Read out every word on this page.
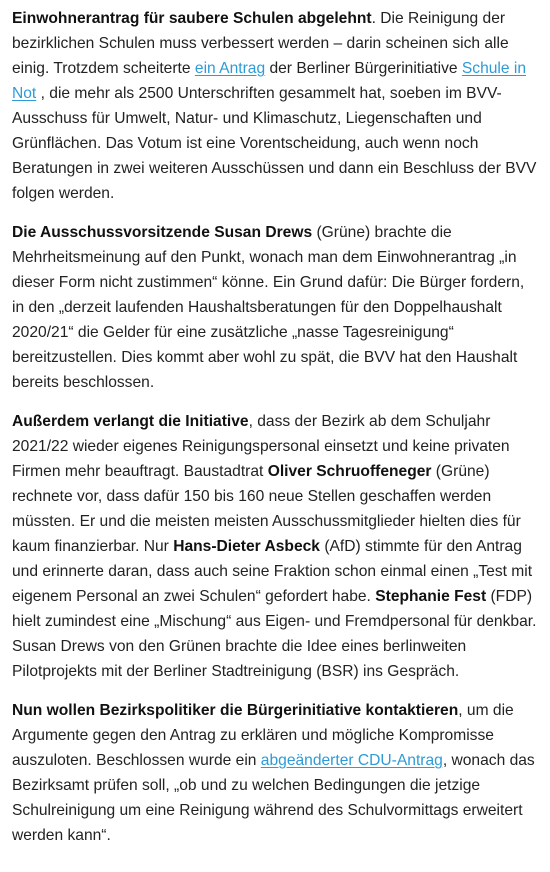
Einwohnerantrag für saubere Schulen abgelehnt. Die Reinigung der bezirklichen Schulen muss verbessert werden – darin scheinen sich alle einig. Trotzdem scheiterte ein Antrag der Berliner Bürgerinitiative Schule in Not , die mehr als 2500 Unterschriften gesammelt hat, soeben im BVV-Ausschuss für Umwelt, Natur- und Klimaschutz, Liegenschaften und Grünflächen. Das Votum ist eine Vorentscheidung, auch wenn noch Beratungen in zwei weiteren Ausschüssen und dann ein Beschluss der BVV folgen werden.

Die Ausschussvorsitzende Susan Drews (Grüne) brachte die Mehrheitsmeinung auf den Punkt, wonach man dem Einwohnerantrag „in dieser Form nicht zustimmen“ könne. Ein Grund dafür: Die Bürger fordern, in den „derzeit laufenden Haushaltsberatungen für den Doppelhaushalt 2020/21“ die Gelder für eine zusätzliche „nasse Tagesreinigung“ bereitzustellen. Dies kommt aber wohl zu spät, die BVV hat den Haushalt bereits beschlossen.

Außerdem verlangt die Initiative, dass der Bezirk ab dem Schuljahr 2021/22 wieder eigenes Reinigungspersonal einsetzt und keine privaten Firmen mehr beauftragt. Baustadtrat Oliver Schruoffeneger (Grüne) rechnete vor, dass dafür 150 bis 160 neue Stellen geschaffen werden müssten. Er und die meisten meisten Ausschussmitglieder hielten dies für kaum finanzierbar. Nur Hans-Dieter Asbeck (AfD) stimmte für den Antrag und erinnerte daran, dass auch seine Fraktion schon einmal einen „Test mit eigenem Personal an zwei Schulen“ gefordert habe. Stephanie Fest (FDP) hielt zumindest eine „Mischung“ aus Eigen- und Fremdpersonal für denkbar. Susan Drews von den Grünen brachte die Idee eines berlinweiten Pilotprojekts mit der Berliner Stadtreinigung (BSR) ins Gespräch.

Nun wollen Bezirkspolitiker die Bürgerinitiative kontaktieren, um die Argumente gegen den Antrag zu erklären und mögliche Kompromisse auszuloten. Beschlossen wurde ein abgeänderter CDU-Antrag, wonach das Bezirksamt prüfen soll, „ob und zu welchen Bedingungen die jetzige Schulreinigung um eine Reinigung während des Schulvormittags erweitert werden kann“.
